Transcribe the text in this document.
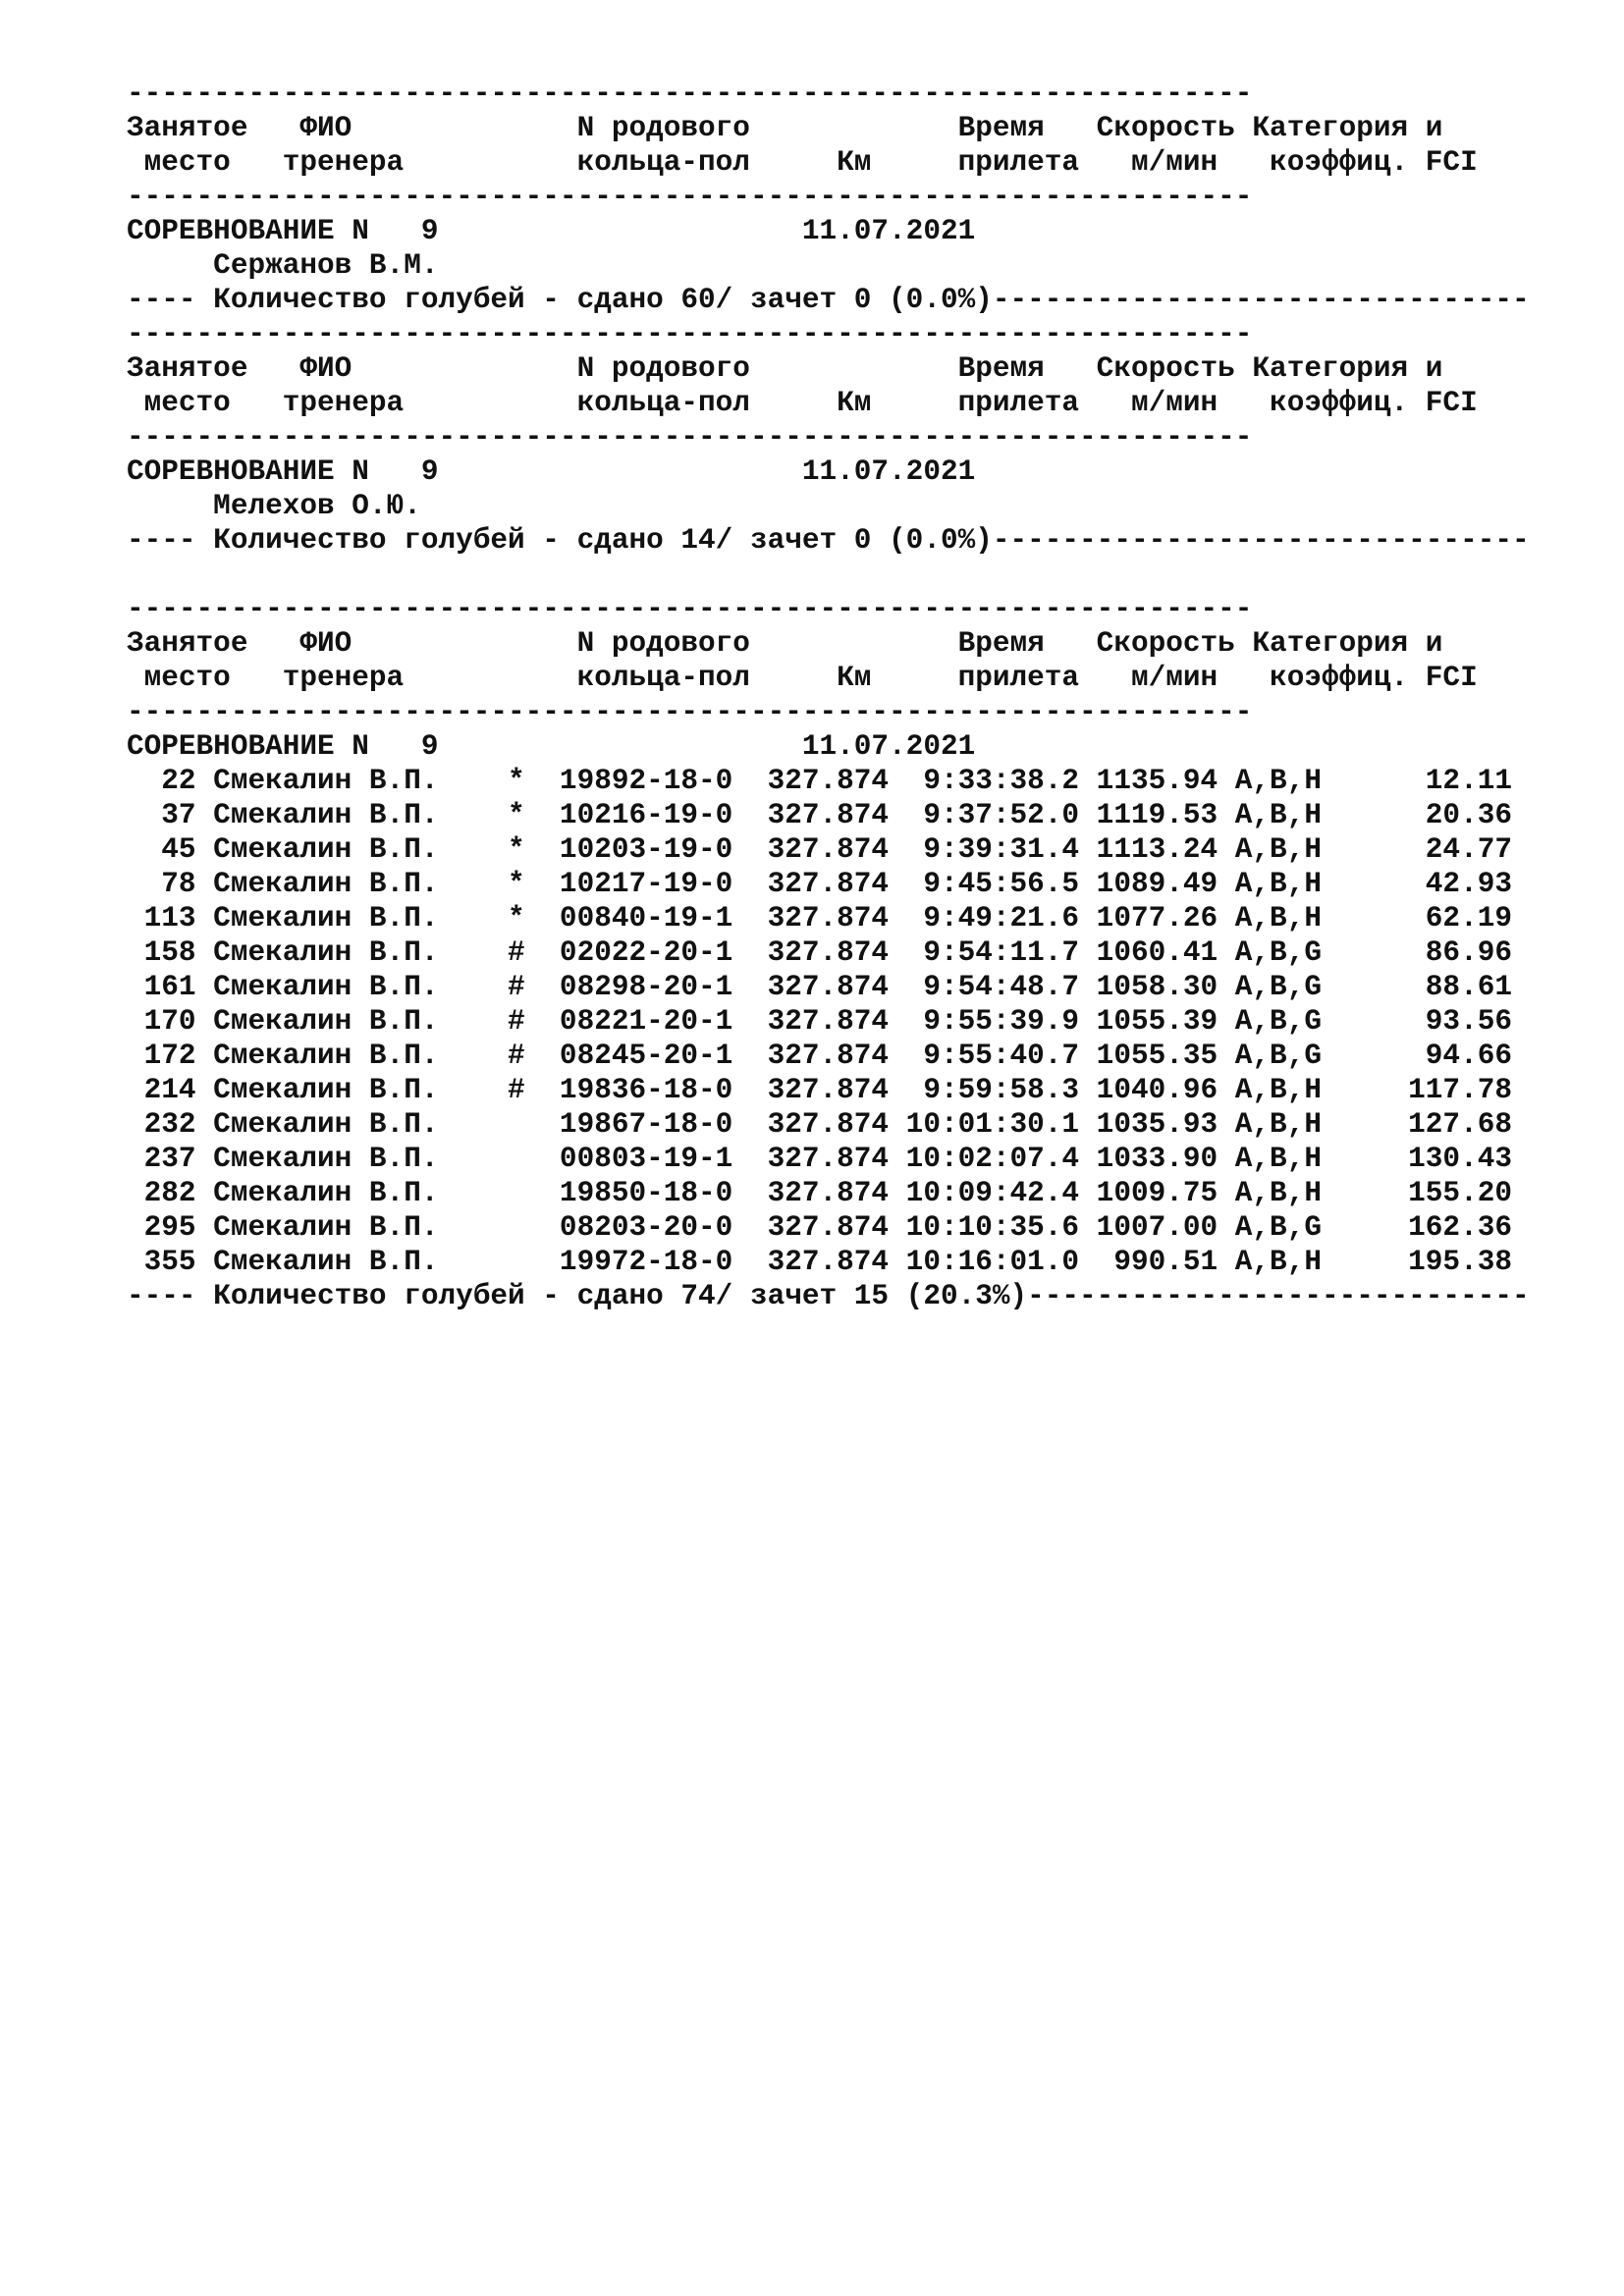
-----------------------------------------------------------------
Занятое   ФИО             N родового            Время   Скорость Категория и
место   тренера          кольца-пол     Км     прилета   м/мин   коэффиц. FCI
-----------------------------------------------------------------
СОРЕВНОВАНИЕ N   9                     11.07.2021
Сержанов В.М.
---- Количество голубей - сдано 60/ зачет 0 (0.0%)-------------------------------
-----------------------------------------------------------------
Занятое   ФИО             N родового            Время   Скорость Категория и
место   тренера          кольца-пол     Км     прилета   м/мин   коэффиц. FCI
-----------------------------------------------------------------
СОРЕВНОВАНИЕ N   9                     11.07.2021
Мелехов О.Ю.
---- Количество голубей - сдано 14/ зачет 0 (0.0%)-------------------------------
-----------------------------------------------------------------
Занятое   ФИО             N родового            Время   Скорость Категория и
место   тренера          кольца-пол     Км     прилета   м/мин   коэффиц. FCI
-----------------------------------------------------------------
СОРЕВНОВАНИЕ N   9                     11.07.2021
22 Смекалин В.П.    *  19892-18-0  327.874  9:33:38.2 1135.94 A,B,H      12.11
37 Смекалин В.П.    *  10216-19-0  327.874  9:37:52.0 1119.53 A,B,H      20.36
45 Смекалин В.П.    *  10203-19-0  327.874  9:39:31.4 1113.24 A,B,H      24.77
78 Смекалин В.П.    *  10217-19-0  327.874  9:45:56.5 1089.49 A,B,H      42.93
113 Смекалин В.П.    *  00840-19-1  327.874  9:49:21.6 1077.26 A,B,H      62.19
158 Смекалин В.П.    #  02022-20-1  327.874  9:54:11.7 1060.41 A,B,G      86.96
161 Смекалин В.П.    #  08298-20-1  327.874  9:54:48.7 1058.30 A,B,G      88.61
170 Смекалин В.П.    #  08221-20-1  327.874  9:55:39.9 1055.39 A,B,G      93.56
172 Смекалин В.П.    #  08245-20-1  327.874  9:55:40.7 1055.35 A,B,G      94.66
214 Смекалин В.П.    #  19836-18-0  327.874  9:59:58.3 1040.96 A,B,H     117.78
232 Смекалин В.П.       19867-18-0  327.874 10:01:30.1 1035.93 A,B,H     127.68
237 Смекалин В.П.       00803-19-1  327.874 10:02:07.4 1033.90 A,B,H     130.43
282 Смекалин В.П.       19850-18-0  327.874 10:09:42.4 1009.75 A,B,H     155.20
295 Смекалин В.П.       08203-20-0  327.874 10:10:35.6 1007.00 A,B,G     162.36
355 Смекалин В.П.       19972-18-0  327.874 10:16:01.0  990.51 A,B,H     195.38
---- Количество голубей - сдано 74/ зачет 15 (20.3%)-----------------------------
